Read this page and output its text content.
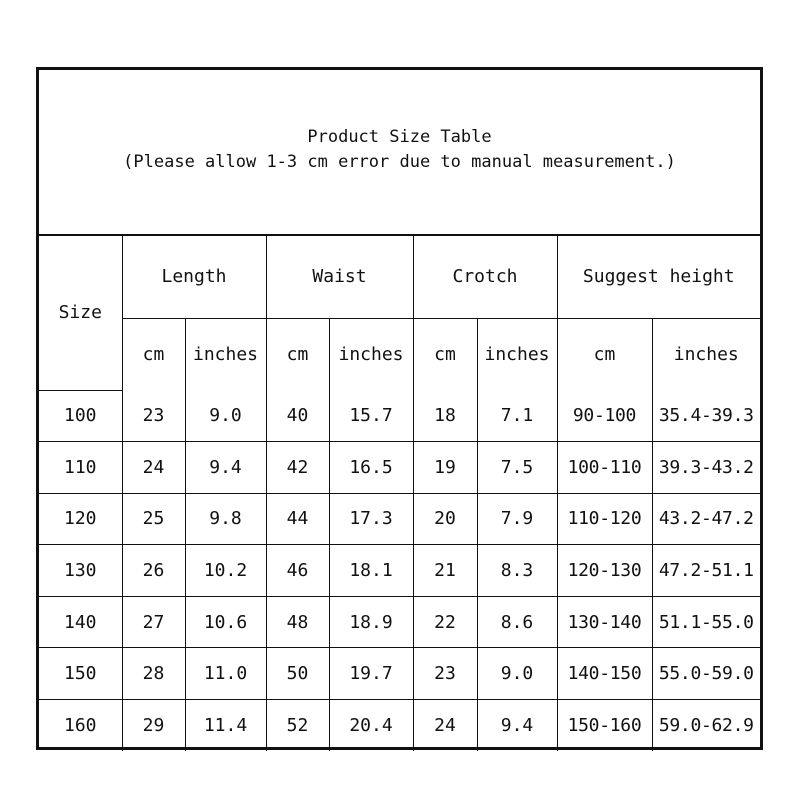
Product Size Table
(Please allow 1-3 cm error due to manual measurement.)
Size	Length		Waist		Crotch		Suggest height	
	cm	inches	cm	inches	cm	inches	cm	inches
100	23	9.0	40	15.7	18	7.1	90-100	35.4-39.3
110	24	9.4	42	16.5	19	7.5	100-110	39.3-43.2
120	25	9.8	44	17.3	20	7.9	110-120	43.2-47.2
130	26	10.2	46	18.1	21	8.3	120-130	47.2-51.1
140	27	10.6	48	18.9	22	8.6	130-140	51.1-55.0
150	28	11.0	50	19.7	23	9.0	140-150	55.0-59.0
160	29	11.4	52	20.4	24	9.4	150-160	59.0-62.9
